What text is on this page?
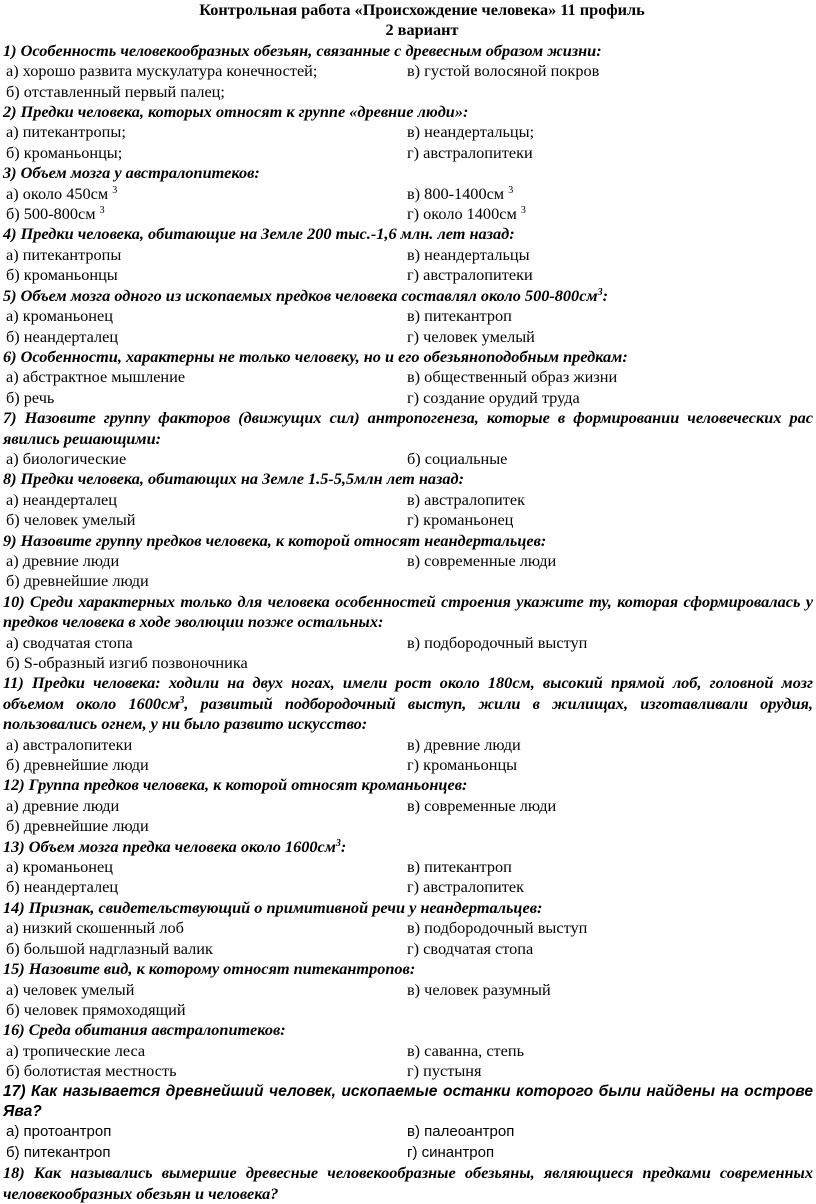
Контрольная работа «Происхождение человека» 11 профиль
2 вариант
1) Особенность человекообразных обезьян, связанные с древесным образом жизни:
а) хорошо развита мускулатура конечностей;	в) густой волосяной покров
б) отставленный первый палец;
2) Предки человека, которых относят к группе «древние люди»:
а) питекантропы;	в) неандертальцы;
б) кроманьонцы;	г) австралопитеки
3) Объем мозга у австралопитеков:
а) около 450см $^3$	в) 800-1400см $^3$
б) 500-800см $^3$	г) около 1400см $^3$
4) Предки человека, обитающие на Земле 200 тыс.-1,6 млн. лет назад:
а) питекантропы	в) неандертальцы
б) кроманьонцы	г) австралопитеки
5) Объем мозга одного из ископаемых предков человека составлял около $500-800см^3$:
а) кроманьонец	в) питекантроп
б) неандерталец	г) человек умелый
6) Особенности, характерны не только человеку, но и его обезьяноподобным предкам:
а) абстрактное мышление	в) общественный образ жизни
б) речь	г) создание орудий труда
7) Назовите группу факторов (движущих сил) антропогенеза, которые в формировании человеческих рас явились решающими:
а) биологические	б) социальные
8) Предки человека, обитающих на Земле 1.5-5,5млн лет назад:
а) неандерталец	в) австралопитек
б) человек умелый	г) кроманьонец
9) Назовите группу предков человека, к которой относят неандертальцев:
а) древние люди	в) современные люди
б) древнейшие люди
10) Среди характерных только для человека особенностей строения укажите ту, которая сформировалась у предков человека в ходе эволюции позже остальных:
а) сводчатая стопа	в) подбородочный выступ
б) S-образный изгиб позвоночника
11) Предки человека: ходили на двух ногах, имели рост около 180см, высокий прямой лоб, головной мозг объемом около $1600см^3$, развитый подбородочный выступ, жили в жилищах, изготавливали орудия, пользовались огнем, у ни было развито искусство:
а) австралопитеки	в) древние люди
б) древнейшие люди	г) кроманьонцы
12) Группа предков человека, к которой относят кроманьонцев:
а) древние люди	в) современные люди
б) древнейшие люди
13) Объем мозга предка человека около $1600см^3$:
а) кроманьонец	в) питекантроп
б) неандерталец	г) австралопитек
14) Признак, свидетельствующий о примитивной речи у неандертальцев:
а) низкий скошенный лоб	в) подбородочный выступ
б) большой надглазный валик	г) сводчатая стопа
15) Назовите вид, к которому относят питекантропов:
а) человек умелый	в) человек разумный
б) человек прямоходящий
16) Среда обитания австралопитеков:
а) тропические леса	в) саванна, степь
б) болотистая местность	г) пустыня
17) Как называется древнейший человек, ископаемые останки которого были найдены на острове Ява?
а) протоантроп	в) палеоантроп
б) питекантроп	г) синантроп
18) Как назывались вымершие древесные человекообразные обезьяны, являющиеся предками современных человекообразных обезьян и человека?
